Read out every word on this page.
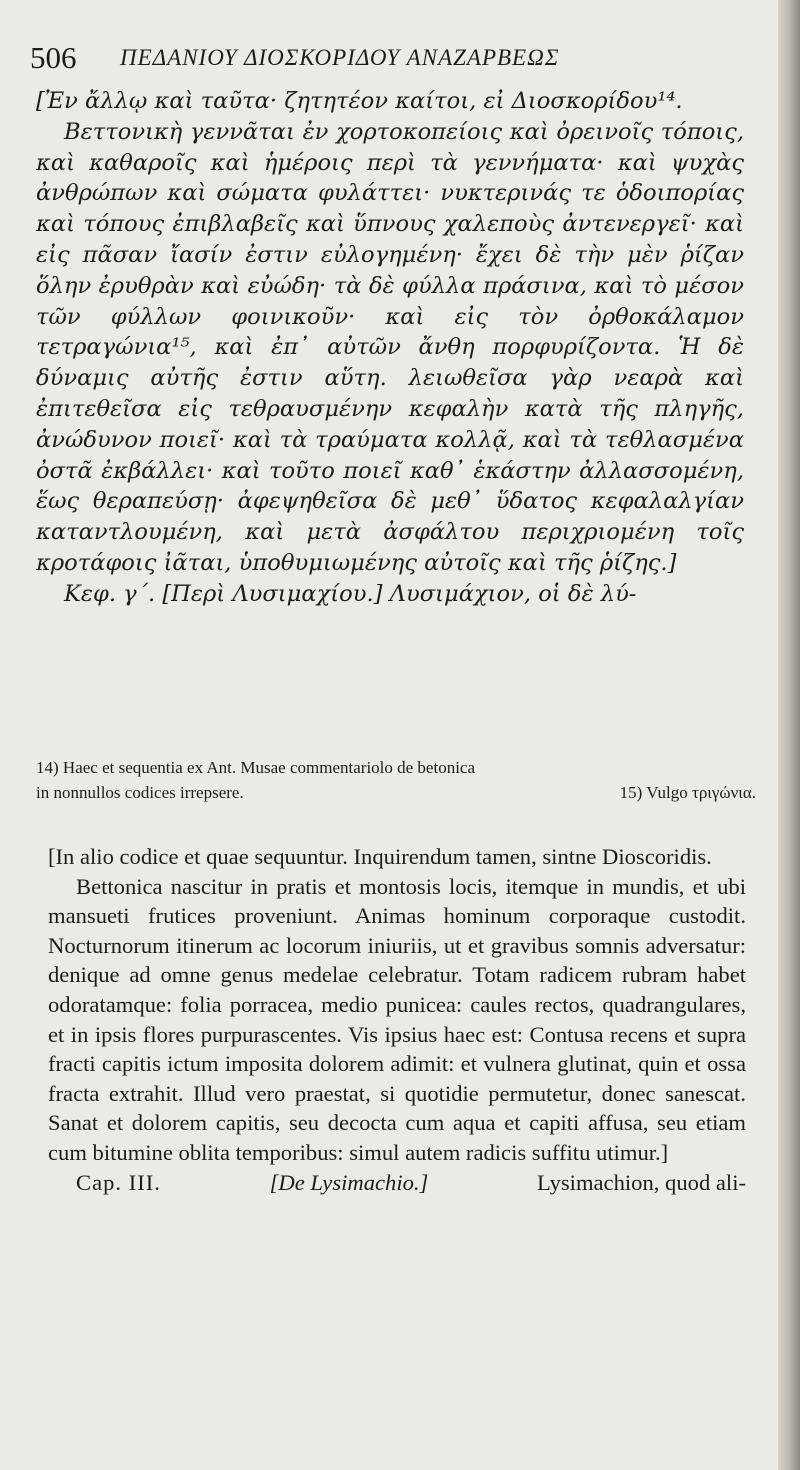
506 ΠΕΔΑΝΙΟΥ ΔΙΟΣΚΟΡΙΔΟΥ ΑΝΑΖΑΡΒΕΩΣ

[Ἐν ἄλλῳ καὶ ταῦτα· ζητητέον καίτοι, εἰ Διοσκορίδου¹⁴.

Βεττονικὴ γεννᾶται ἐν χορτοκοπείοις καὶ ὀρεινοῖς τόποις, καὶ καθαροῖς καὶ ἡμέροις περὶ τὰ γεννήματα· καὶ ψυχὰς ἀνθρώπων καὶ σώματα φυλάττει· νυκτερινάς τε ὁδοιπορίας καὶ τόπους ἐπιβλαβεῖς καὶ ὕπνους χαλεποὺς ἀντενεργεῖ· καὶ εἰς πᾶσαν ἴασίν ἐστιν εὐλογημένη· ἔχει δὲ τὴν μὲν ῥίζαν ὅλην ἐρυθρὰν καὶ εὐώδη· τὰ δὲ φύλλα πράσινα, καὶ τὸ μέσον τῶν φύλλων φοινικοῦν· καὶ εἰς τὸν ὀρθοκάλαμον τετραγώνια¹⁵, καὶ ἐπ᾽ αὐτῶν ἄνθη πορφυρίζοντα. Ἡ δὲ δύναμις αὐτῆς ἐστιν αὕτη. λειωθεῖσα γὰρ νεαρὰ καὶ ἐπιτεθεῖσα εἰς τεθραυσμένην κεφαλὴν κατὰ τῆς πληγῆς, ἀνώδυνον ποιεῖ· καὶ τὰ τραύματα κολλᾷ, καὶ τὰ τεθλασμένα ὀστᾶ ἐκβάλλει· καὶ τοῦτο ποιεῖ καθ᾽ ἑκάστην ἀλλασσομένη, ἕως θεραπεύσῃ· ἀφεψηθεῖσα δὲ μεθ᾽ ὕδατος κεφαλαλγίαν καταντλουμένη, καὶ μετὰ ἀσφάλτου περιχριομένη τοῖς κροτάφοις ἰᾶται, ὑποθυμιωμένης αὐτοῖς καὶ τῆς ῥίζης.]

Κεφ. γ΄. [Περὶ Λυσιμαχίου.] Λυσιμάχιον, οἱ δὲ λύ-

14) Haec et sequentia ex Ant. Musae commentariolo de betonica
in nonnullos codices irrepsere.	15) Vulgo τριγώνια.

[In alio codice et quae sequuntur. Inquirendum tamen, sintne Dioscoridis.

Bettonica nascitur in pratis et montosis locis, itemque in mundis, et ubi mansueti frutices proveniunt. Animas hominum corporaque custodit. Nocturnorum itinerum ac locorum iniuriis, ut et gravibus somnis adversatur: denique ad omne genus medelae celebratur. Totam radicem rubram habet odoratamque: folia porracea, medio punicea: caules rectos, quadrangulares, et in ipsis flores purpurascentes. Vis ipsius haec est: Contusa recens et supra fracti capitis ictum imposita dolorem adimit: et vulnera glutinat, quin et ossa fracta extrahit. Illud vero praestat, si quotidie permutetur, donec sanescat. Sanat et dolorem capitis, seu decocta cum aqua et capiti affusa, seu etiam cum bitumine oblita temporibus: simul autem radicis suffitu utimur.]

Cap. III.	[De Lysimachio.]	Lysimachion, quod ali-
